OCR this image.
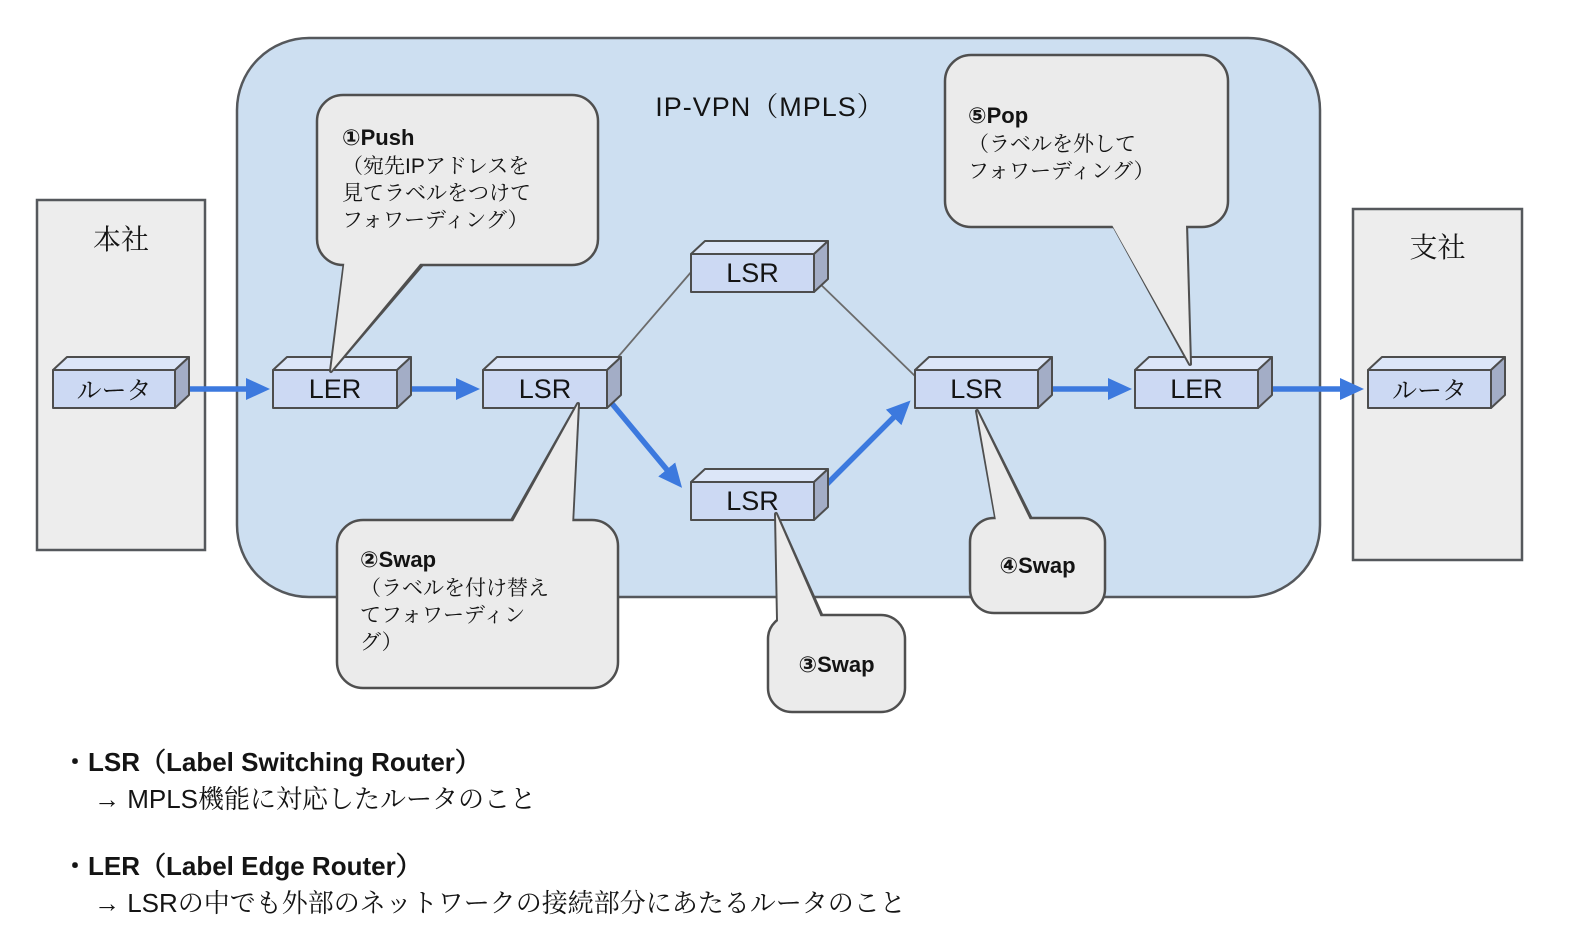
IP-VPN（MPLS）
本社	支社
ルータ	LER	LSR
LSR
LSR
LSR	LER	ルータ

①Push

（宛先IPアドレスを

見てラベルをつけて

フォワーディング）

⑤Pop

（ラベルを外して

フォワーディング）

②Swap

（ラベルを付け替え

てフォワーディン

グ）

③Swap
④Swap
・LSR（Label Switching Router）
→ MPLS機能に対応したルータのこと
・LER（Label Edge Router）
→ LSRの中でも外部のネットワークの接続部分にあたるルータのこと
